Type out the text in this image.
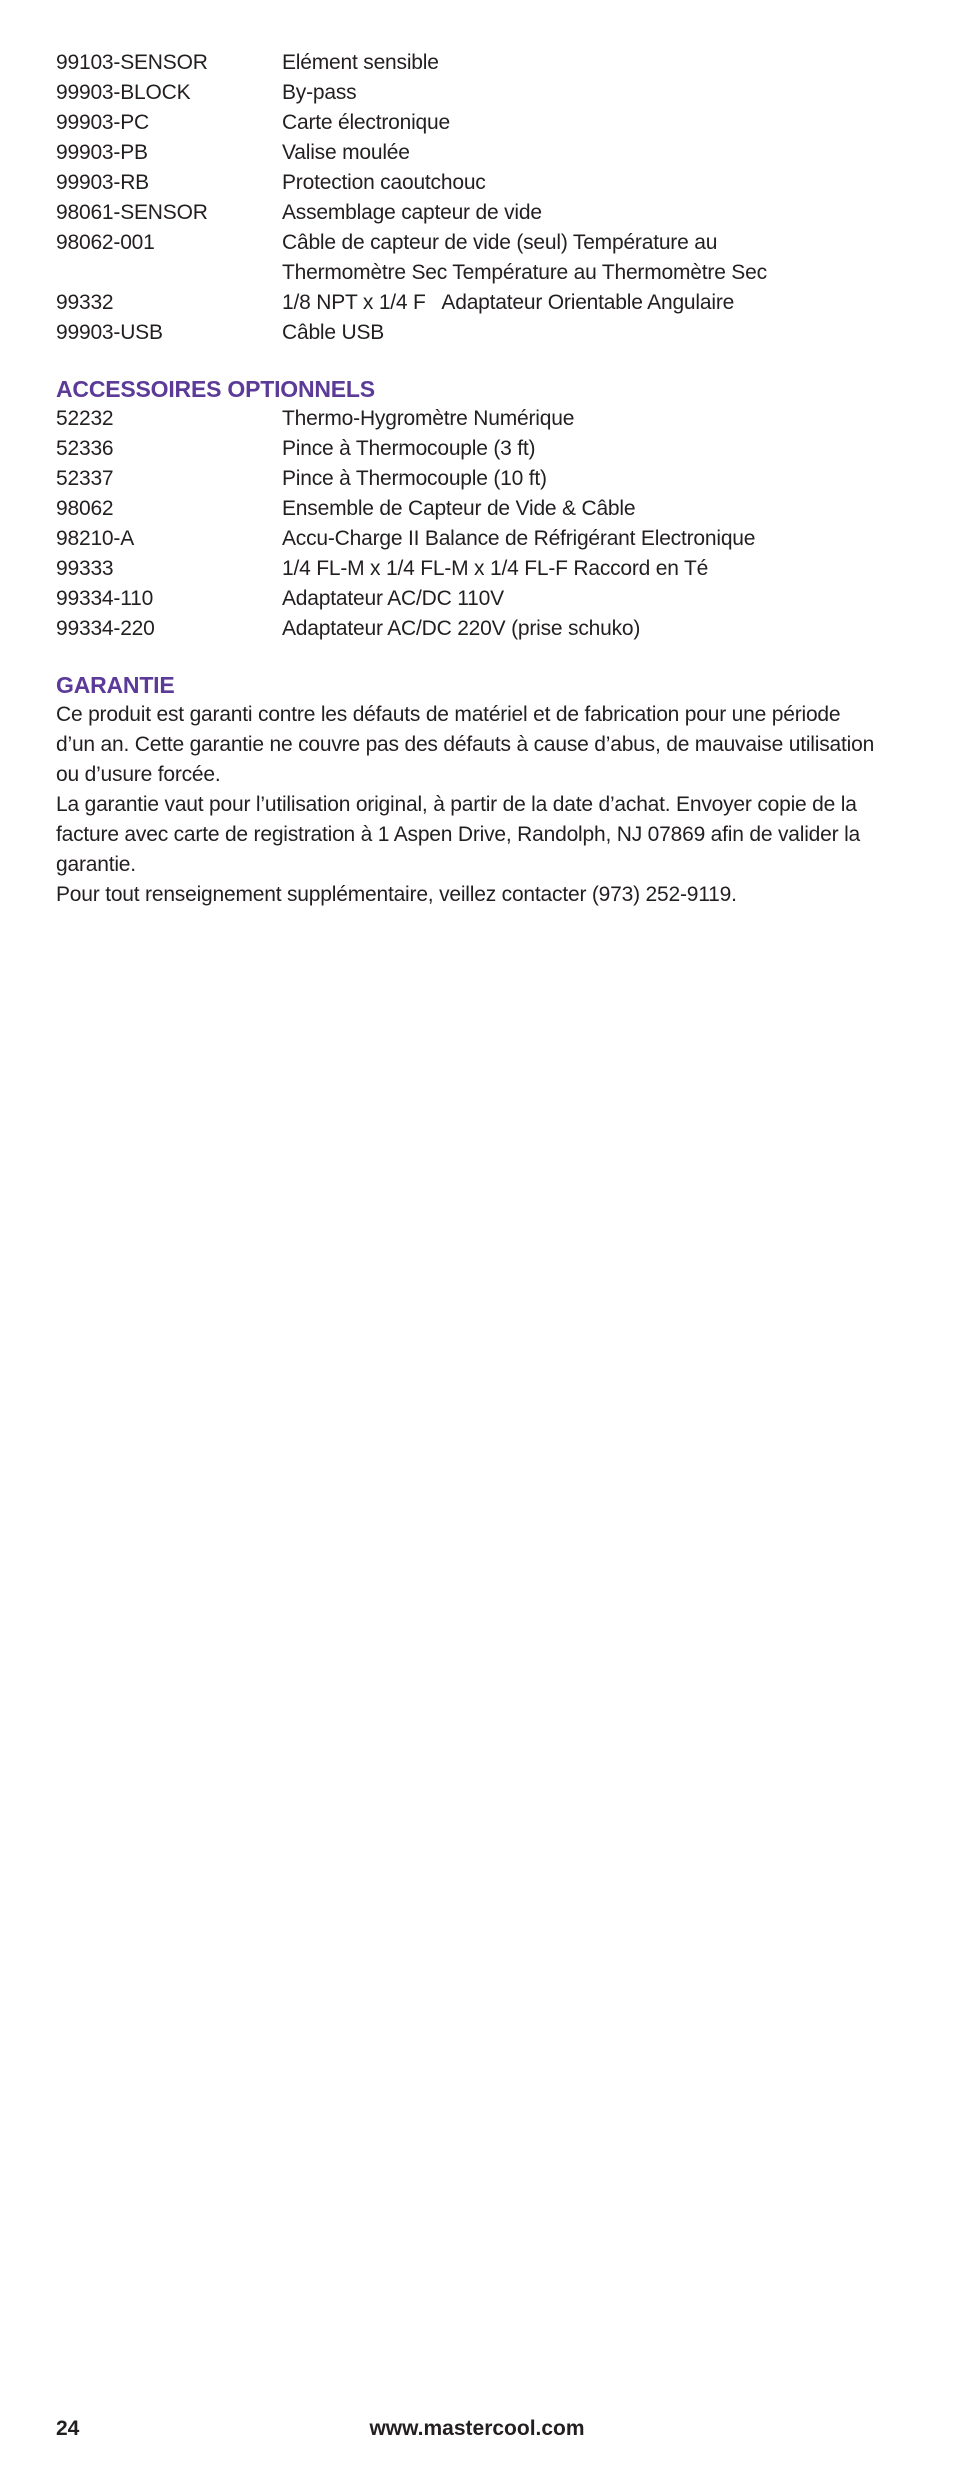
99103-SENSOR	Elément sensible
99903-BLOCK	By-pass
99903-PC	Carte électronique
99903-PB	Valise moulée
99903-RB	Protection caoutchouc
98061-SENSOR	Assemblage capteur de vide
98062-001	Câble de capteur de vide (seul) Température au
Thermomètre Sec Température au Thermomètre Sec
99332	1/8 NPT x 1/4 F   Adaptateur Orientable Angulaire
99903-USB	Câble USB
ACCESSOIRES OPTIONNELS
52232	Thermo-Hygromètre Numérique
52336	Pince à Thermocouple (3 ft)
52337	Pince à Thermocouple (10 ft)
98062	Ensemble de Capteur de Vide & Câble
98210-A	Accu-Charge II Balance de Réfrigérant Electronique
99333	1/4 FL-M x 1/4 FL-M x 1/4 FL-F Raccord en Té
99334-110	Adaptateur AC/DC 110V
99334-220	Adaptateur AC/DC 220V (prise schuko)
GARANTIE
Ce produit est garanti contre les défauts de matériel et de fabrication pour une période
d’un an. Cette garantie ne couvre pas des défauts à cause d’abus, de mauvaise utilisation
ou d’usure forcée.
La garantie vaut pour l’utilisation original, à partir de la date d’achat. Envoyer copie de la
facture avec carte de registration à 1 Aspen Drive, Randolph, NJ 07869 afin de valider la
garantie.
Pour tout renseignement supplémentaire, veillez contacter (973) 252-9119.
24	www.mastercool.com
